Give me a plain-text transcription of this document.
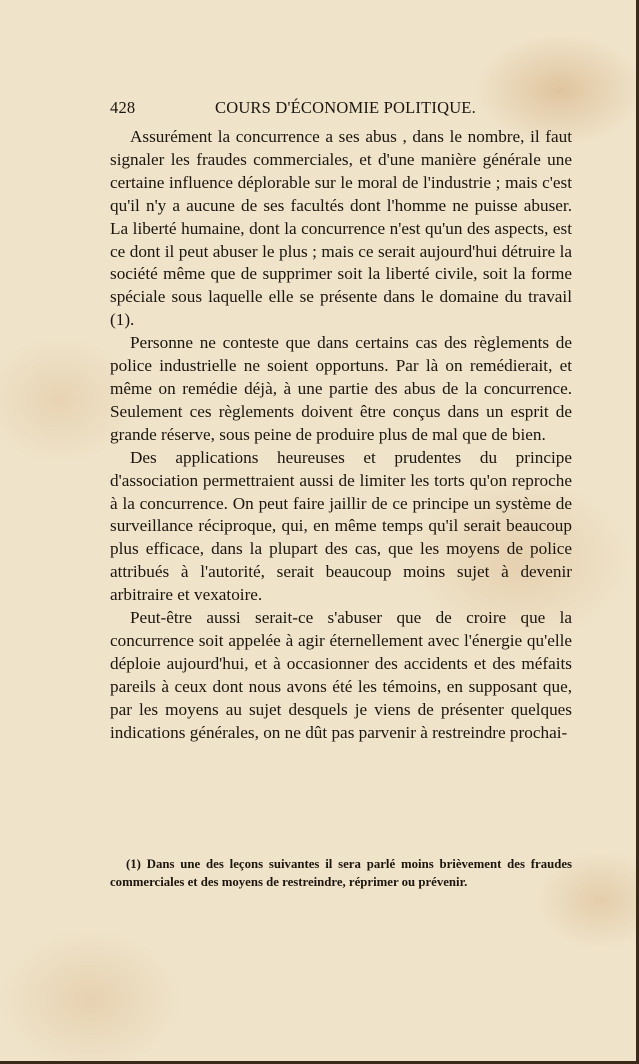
428	COURS D'ÉCONOMIE POLITIQUE.

Assurément la concurrence a ses abus , dans le nombre, il faut signaler les fraudes commerciales, et d'une manière générale une certaine influence déplorable sur le moral de l'industrie ; mais c'est qu'il n'y a aucune de ses facultés dont l'homme ne puisse abuser. La liberté humaine, dont la concurrence n'est qu'un des aspects, est ce dont il peut abuser le plus ; mais ce serait aujourd'hui détruire la société même que de supprimer soit la liberté civile, soit la forme spéciale sous laquelle elle se présente dans le domaine du travail (1).

Personne ne conteste que dans certains cas des règlements de police industrielle ne soient opportuns. Par là on remédierait, et même on remédie déjà, à une partie des abus de la concurrence. Seulement ces règlements doivent être conçus dans un esprit de grande réserve, sous peine de produire plus de mal que de bien.

Des applications heureuses et prudentes du principe d'association permettraient aussi de limiter les torts qu'on reproche à la concurrence. On peut faire jaillir de ce principe un système de surveillance réciproque, qui, en même temps qu'il serait beaucoup plus efficace, dans la plupart des cas, que les moyens de police attribués à l'autorité, serait beaucoup moins sujet à devenir arbitraire et vexatoire.

Peut-être aussi serait-ce s'abuser que de croire que la concurrence soit appelée à agir éternellement avec l'énergie qu'elle déploie aujourd'hui, et à occasionner des accidents et des méfaits pareils à ceux dont nous avons été les témoins, en supposant que, par les moyens au sujet desquels je viens de présenter quelques indications générales, on ne dût pas parvenir à restreindre prochai-

(1) Dans une des leçons suivantes il sera parlé moins brièvement des fraudes commerciales et des moyens de restreindre, réprimer ou prévenir.
